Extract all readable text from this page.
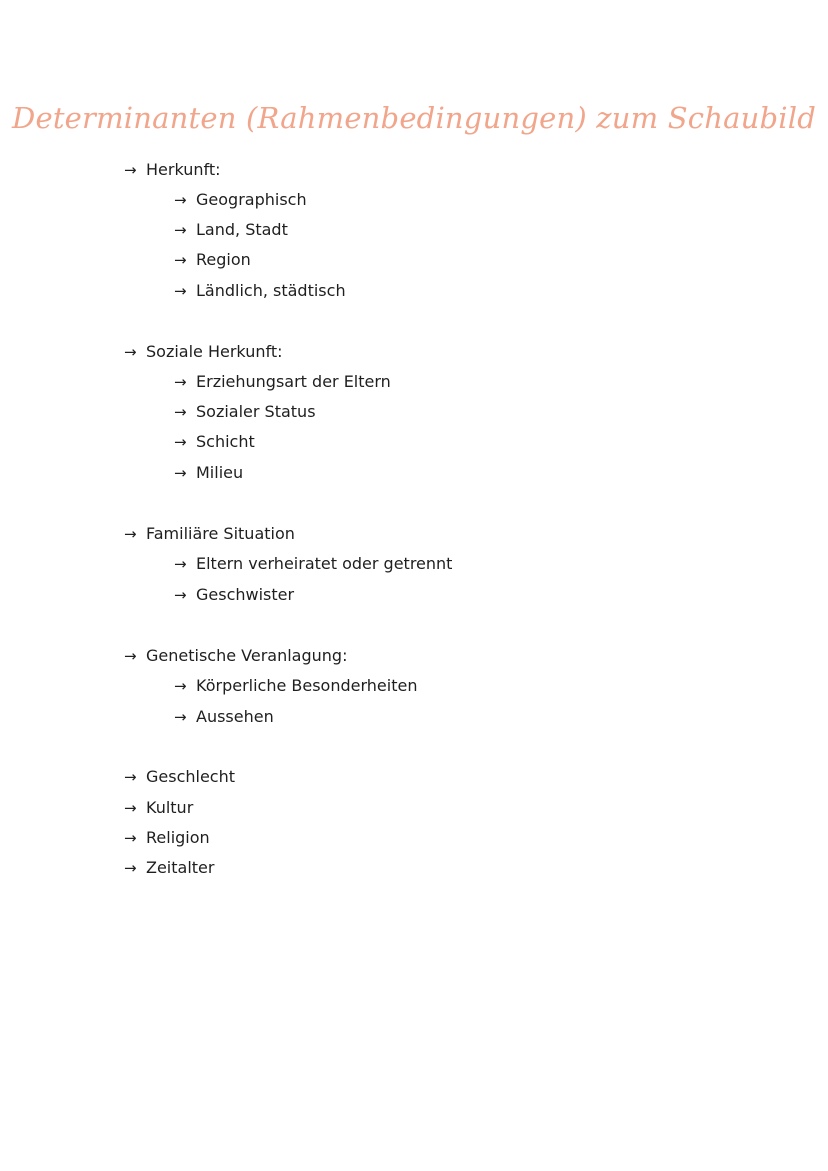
Determinanten (Rahmenbedingungen) zum Schaubild
→ Herkunft:
→ Geographisch
→ Land, Stadt
→ Region
→ Ländlich, städtisch
→ Soziale Herkunft:
→ Erziehungsart der Eltern
→ Sozialer Status
→ Schicht
→ Milieu
→ Familiäre Situation
→ Eltern verheiratet oder getrennt
→ Geschwister
→ Genetische Veranlagung:
→ Körperliche Besonderheiten
→ Aussehen
→ Geschlecht
→ Kultur
→ Religion
→ Zeitalter
